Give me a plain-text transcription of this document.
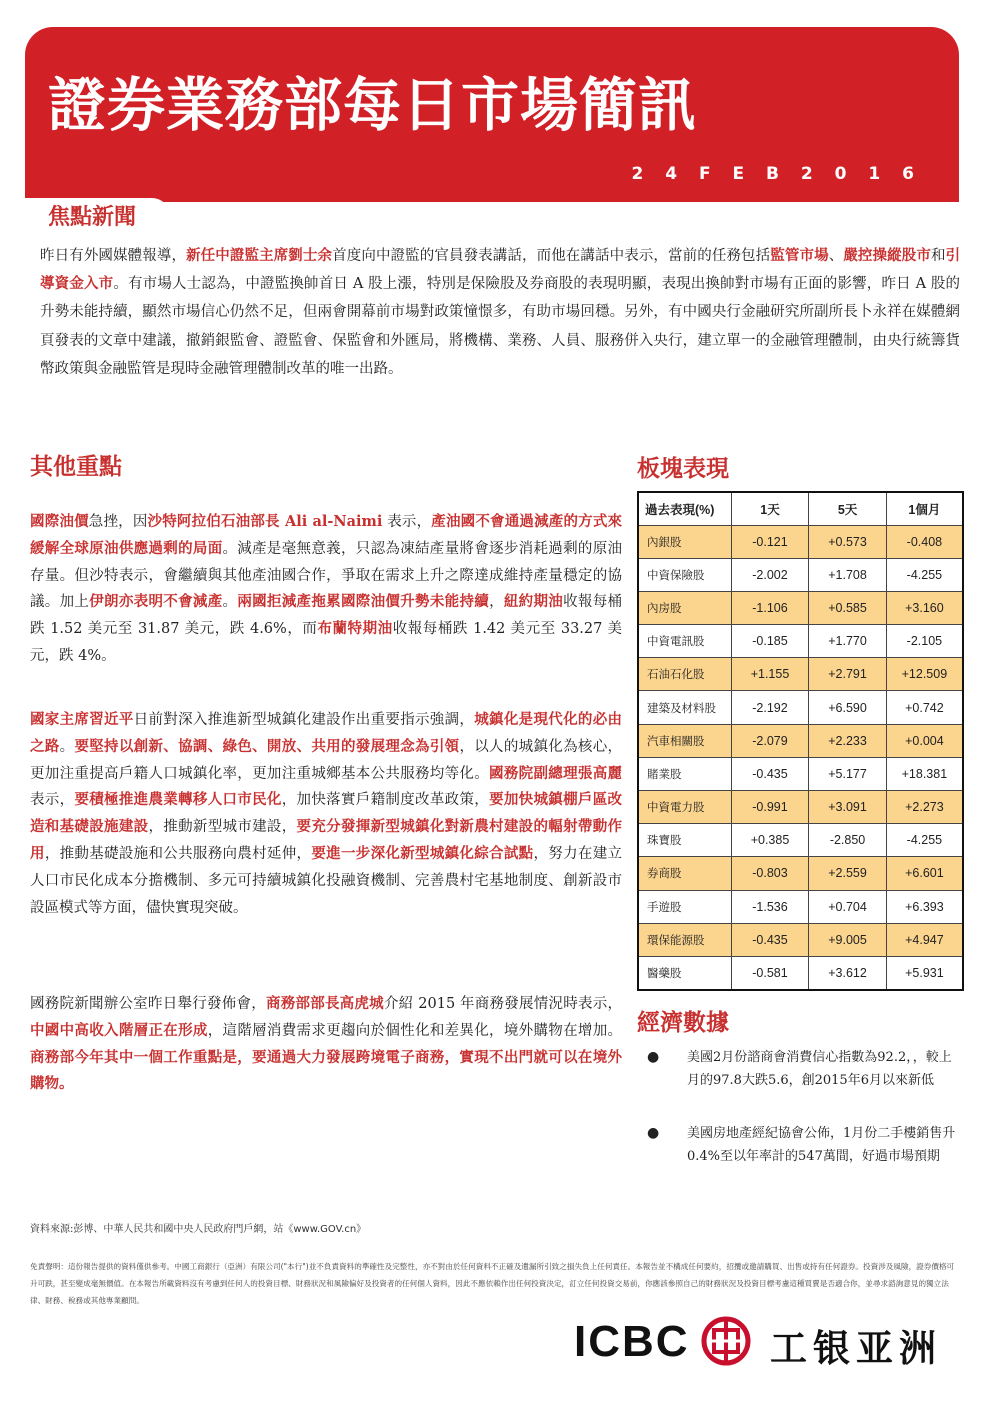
證券業務部每日市場簡訊
2 4 F E B 2 0 1 6
焦點新聞
昨日有外國媒體報導，新任中證監主席劉士余首度向中證監的官員發表講話，而他在講話中表示，當前的任務包括監管市場、嚴控操縱股市和引導資金入市。有市場人士認為，中證監換帥首日 A 股上漲，特別是保險股及券商股的表現明顯，表現出換帥對市場有正面的影響，昨日 A 股的升勢未能持續，顯然市場信心仍然不足，但兩會開幕前市場對政策憧憬多，有助市場回穩。另外，有中國央行金融研究所副所長卜永祥在媒體網頁發表的文章中建議，撤銷銀監會、證監會、保監會和外匯局，將機構、業務、人員、服務併入央行，建立單一的金融管理體制，由央行統籌貨幣政策與金融監管是現時金融管理體制改革的唯一出路。
其他重點
國際油價急挫，因沙特阿拉伯石油部長 Ali al-Naimi 表示，產油國不會通過減產的方式來緩解全球原油供應過剩的局面。減產是毫無意義，只認為凍結產量將會逐步消耗過剩的原油存量。但沙特表示，會繼續與其他產油國合作，爭取在需求上升之際達成維持產量穩定的協議。加上伊朗亦表明不會減產。兩國拒減產拖累國際油價升勢未能持續，紐約期油收報每桶跌 1.52 美元至 31.87 美元，跌 4.6%，而布蘭特期油收報每桶跌 1.42 美元至 33.27 美元，跌 4%。
國家主席習近平日前對深入推進新型城鎮化建設作出重要指示強調，城鎮化是現代化的必由之路。要堅持以創新、協調、綠色、開放、共用的發展理念為引領，以人的城鎮化為核心，更加注重提高戶籍人口城鎮化率，更加注重城鄉基本公共服務均等化。國務院副總理張高麗表示，要積極推進農業轉移人口市民化，加快落實戶籍制度改革政策，要加快城鎮棚戶區改造和基礎設施建設，推動新型城市建設，要充分發揮新型城鎮化對新農村建設的輻射帶動作用，推動基礎設施和公共服務向農村延伸，要進一步深化新型城鎮化綜合試點，努力在建立人口市民化成本分擔機制、多元可持續城鎮化投融資機制、完善農村宅基地制度、創新設市設區模式等方面，儘快實現突破。
國務院新聞辦公室昨日舉行發佈會，商務部部長高虎城介紹 2015 年商務發展情況時表示，中國中高收入階層正在形成，這階層消費需求更趨向於個性化和差異化，境外購物在增加。商務部今年其中一個工作重點是，要通過大力發展跨境電子商務，實現不出門就可以在境外購物。
板塊表現
過去表現(%)	1天	5天	1個月
內銀股	-0.121	+0.573	-0.408
中資保險股	-2.002	+1.708	-4.255
內房股	-1.106	+0.585	+3.160
中資電訊股	-0.185	+1.770	-2.105
石油石化股	+1.155	+2.791	+12.509
建築及材料股	-2.192	+6.590	+0.742
汽車相關股	-2.079	+2.233	+0.004
賭業股	-0.435	+5.177	+18.381
中資電力股	-0.991	+3.091	+2.273
珠寶股	+0.385	-2.850	-4.255
券商股	-0.803	+2.559	+6.601
手遊股	-1.536	+0.704	+6.393
環保能源股	-0.435	+9.005	+4.947
醫藥股	-0.581	+3.612	+5.931
經濟數據
● 美國2月份諮商會消費信心指數為92.2，，較上月的97.8大跌5.6，創2015年6月以來新低
● 美國房地產經紀協會公佈，1月份二手樓銷售升0.4%至以年率計的547萬間，好過市場預期
資料來源:彭博、中華人民共和國中央人民政府門戶網，站《www.GOV.cn》
免責聲明：這份報告提供的資料僅供參考。中國工商銀行（亞洲）有限公司("本行")並不負責資料的準確性及完整性，亦不對由於任何資料不正確及遺漏所引致之損失負上任何責任。本報告並不構成任何要約，招攬或邀請購買、出售或持有任何證券。投資涉及風險，證券價格可升可跌，甚至變成毫無價值。在本報告所載資料沒有考慮到任何人的投資目標、財務狀況和風險偏好及投資者的任何個人資料，因此不應依賴作出任何投資決定，訂立任何投資交易前，你應該參照自己的財務狀況及投資目標考慮這種買賣是否適合你，並尋求諮詢意見的獨立法律、財務、稅務或其他專業顧問。
ICBC 工银亚洲
